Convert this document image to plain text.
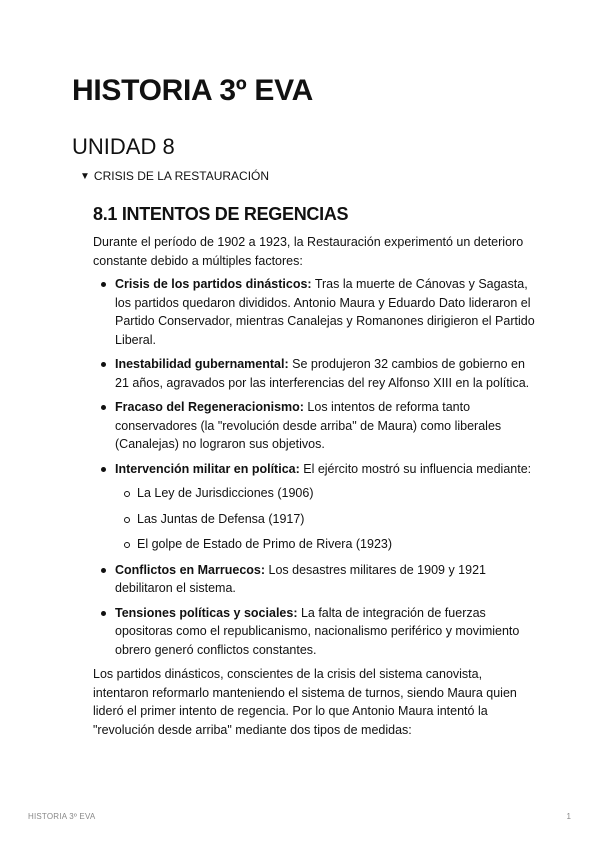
HISTORIA 3º EVA
UNIDAD 8
▼ CRISIS DE LA RESTAURACIÓN
8.1 INTENTOS DE REGENCIAS

Durante el período de 1902 a 1923, la Restauración experimentó un deterioro constante debido a múltiples factores:

Crisis de los partidos dinásticos: Tras la muerte de Cánovas y Sagasta, los partidos quedaron divididos. Antonio Maura y Eduardo Dato lideraron el Partido Conservador, mientras Canalejas y Romanones dirigieron el Partido Liberal.
Inestabilidad gubernamental: Se produjeron 32 cambios de gobierno en 21 años, agravados por las interferencias del rey Alfonso XIII en la política.
Fracaso del Regeneracionismo: Los intentos de reforma tanto conservadores (la "revolución desde arriba" de Maura) como liberales (Canalejas) no lograron sus objetivos.
Intervención militar en política: El ejército mostró su influencia mediante:
La Ley de Jurisdicciones (1906)
Las Juntas de Defensa (1917)
El golpe de Estado de Primo de Rivera (1923)
Conflictos en Marruecos: Los desastres militares de 1909 y 1921 debilitaron el sistema.
Tensiones políticas y sociales: La falta de integración de fuerzas opositoras como el republicanismo, nacionalismo periférico y movimiento obrero generó conflictos constantes.

Los partidos dinásticos, conscientes de la crisis del sistema canovista, intentaron reformarlo manteniendo el sistema de turnos, siendo Maura quien lideró el primer intento de regencia. Por lo que Antonio Maura intentó la "revolución desde arriba" mediante dos tipos de medidas:

HISTORIA 3º EVA	1
